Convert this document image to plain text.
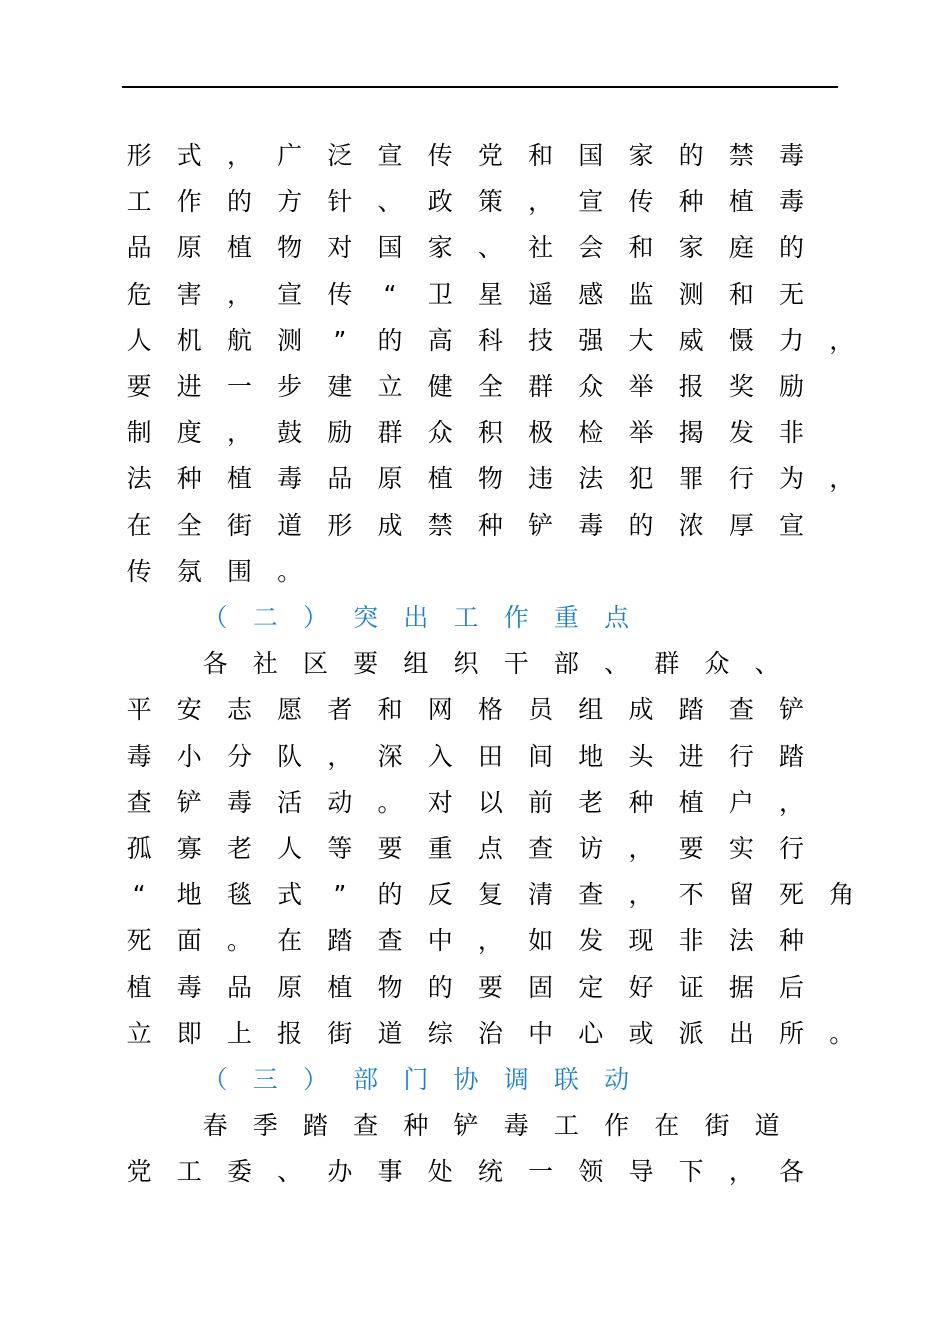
形 式 ， 广 泛 宣 传 党 和 国 家 的 禁 毒
工 作 的 方 针 、 政 策 ， 宣 传 种 植 毒
品 原 植 物 对 国 家 、 社 会 和 家 庭 的
危 害 ， 宣 传 “ 卫 星 遥 感 监 测 和 无
人 机 航 测 ” 的 高 科 技 强 大 威 慑 力 ，
要 进 一 步 建 立 健 全 群 众 举 报 奖 励
制 度 ， 鼓 励 群 众 积 极 检 举 揭 发 非
法 种 植 毒 品 原 植 物 违 法 犯 罪 行 为 ，
在 全 街 道 形 成 禁 种 铲 毒 的 浓 厚 宣
传 氛 围 。
（ 二 ） 突 出 工 作 重 点
各 社 区 要 组 织 干 部 、 群 众 、
平 安 志 愿 者 和 网 格 员 组 成 踏 查 铲
毒 小 分 队 ， 深 入 田 间 地 头 进 行 踏
查 铲 毒 活 动 。 对 以 前 老 种 植 户 ，
孤 寡 老 人 等 要 重 点 查 访 ， 要 实 行
“ 地 毯 式 ” 的 反 复 清 查 ， 不 留 死 角
死 面 。 在 踏 查 中 ， 如 发 现 非 法 种
植 毒 品 原 植 物 的 要 固 定 好 证 据 后
立 即 上 报 街 道 综 治 中 心 或 派 出 所 。
（ 三 ） 部 门 协 调 联 动
春 季 踏 查 种 铲 毒 工 作 在 街 道
党 工 委 、 办 事 处 统 一 领 导 下 ， 各
